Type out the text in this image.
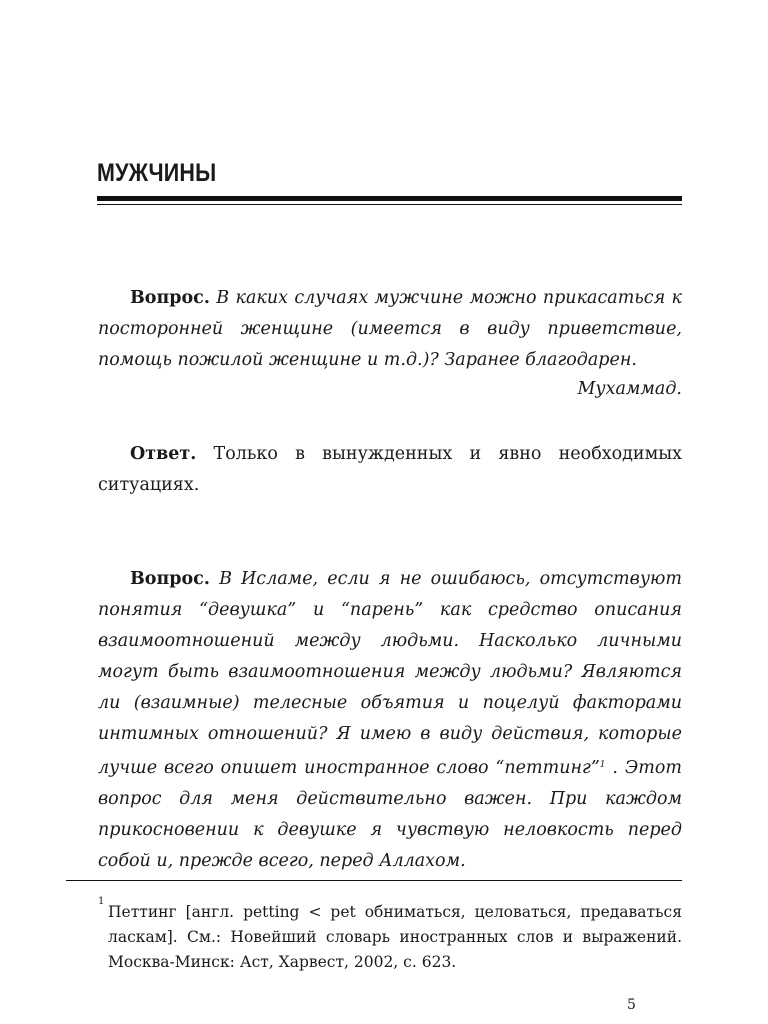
МУЖЧИНЫ

Вопрос. В каких случаях мужчине можно прикасаться к посторонней женщине (имеется в виду приветствие, помощь пожилой женщине и т.д.)? Заранее благодарен.

Мухаммад.

Ответ. Только в вынужденных и явно необходимых ситуациях.

Вопрос. В Исламе, если я не ошибаюсь, отсутствуют понятия “девушка” и “парень” как средство описания взаимоотношений между людьми. Насколько личными могут быть взаимоотношения между людьми? Являются ли (взаимные) телесные объятия и поцелуй факторами интимных отношений? Я имею в виду действия, которые лучше всего опишет иностранное слово “петтинг”$^1$ . Этот вопрос для меня действительно важен. При каждом прикосновении к девушке я чувствую неловкость перед собой и, прежде всего, перед Аллахом.

1

Петтинг [англ. petting < pet обниматься, целоваться, предаваться ласкам]. См.: Новейший словарь иностранных слов и выражений. Москва-Минск: Аст, Харвест, 2002, с. 623.

5
